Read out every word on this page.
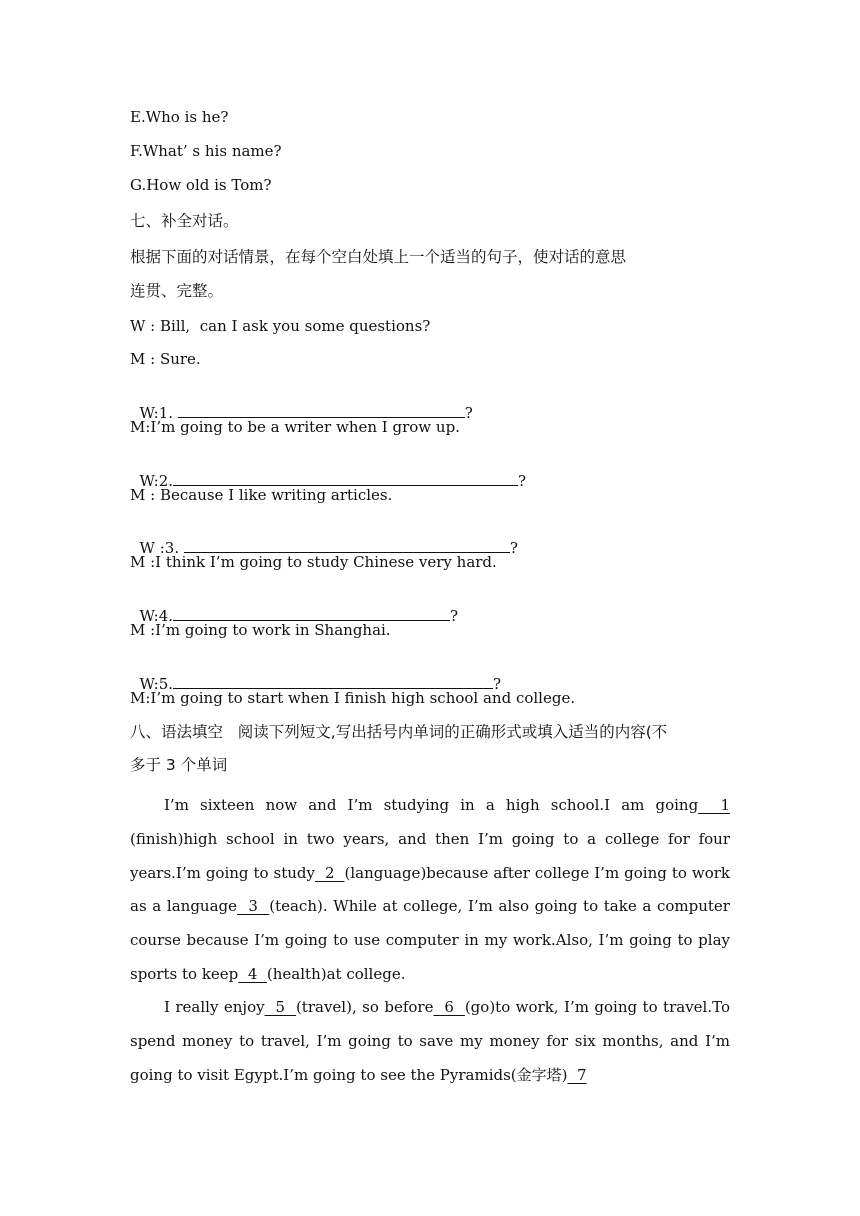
E.Who is he?
F.What’ s his name?
G.How old is Tom?
七、补全对话。
根据下面的对话情景，在每个空白处填上一个适当的句子，使对话的意思
连贯、完整。
W : Bill,  can I ask you some questions?
M : Sure.

W:1.	?

M:I’m going to be a writer when I grow up.

W:2.	?

M : Because I like writing articles.

W :3.	?

M :I think I’m going to study Chinese very hard.

W:4.	?

M :I’m going to work in Shanghai.

W:5.	?

M:I’m going to start when I finish high school and college.
八、语法填空   阅读下列短文,写出括号内单词的正确形式或填入适当的内容(不
多于 3 个单词
I’m sixteen now and I’m studying in a high school.I am going  1 (finish)high school in two years, and then I’m going to a college for four years.I’m going to study  2  (language)because after college I’m going to work as a language  3  (teach). While at college, I’m also going to take a computer course because I’m going to use computer in my work.Also, I’m going to play sports to keep  4  (health)at college.
I really enjoy  5  (travel), so before  6  (go)to work, I’m going to travel.To spend money to travel, I’m going to save my money for six months, and I’m going to visit Egypt.I’m going to see the Pyramids(金字塔)  7
